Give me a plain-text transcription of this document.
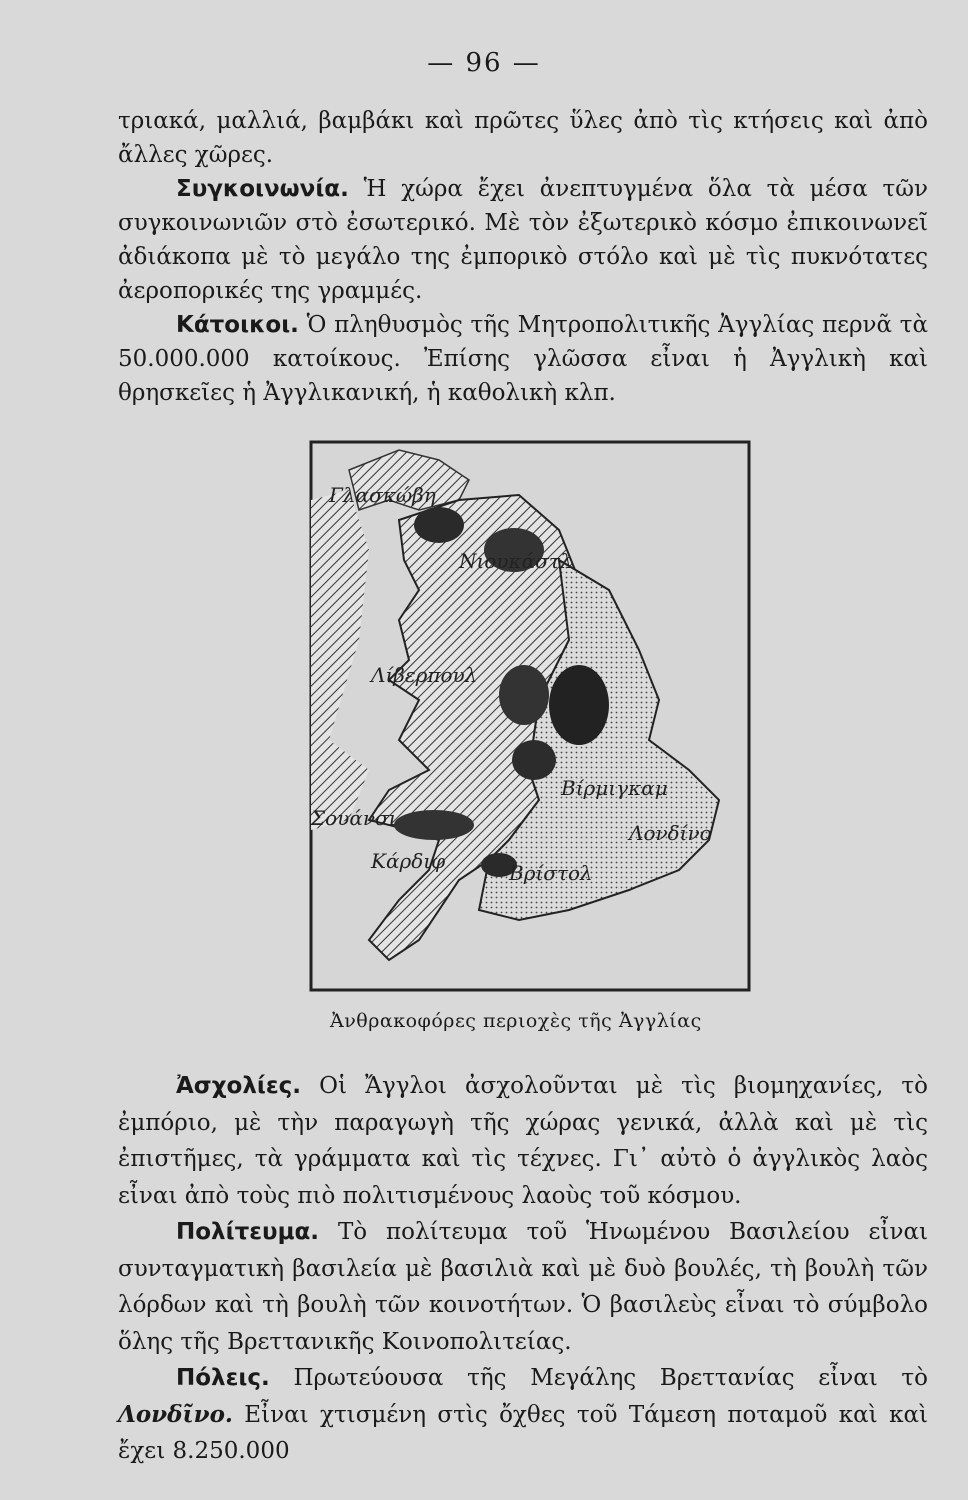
— 96 —

τριακά, μαλλιά, βαμβάκι καὶ πρῶτες ὕλες ἀπὸ τὶς κτήσεις καὶ ἀπὸ ἄλλες χῶρες.

Συγκοινωνία. Ἡ χώρα ἔχει ἀνεπτυγμένα ὅλα τὰ μέσα τῶν συγκοινωνιῶν στὸ ἐσωτερικό. Μὲ τὸν ἐξωτερικὸ κόσμο ἐπικοινωνεῖ ἀδιάκοπα μὲ τὸ μεγάλο της ἐμπορικὸ στόλο καὶ μὲ τὶς πυκνότατες ἀεροπορικές της γραμμές.

Κάτοικοι. Ὁ πληθυσμὸς τῆς Μητροπολιτικῆς Ἀγγλίας περνᾶ τὰ 50.000.000 κατοίκους. Ἐπίσης γλῶσσα εἶναι ἡ Ἀγγλικὴ καὶ θρησκεῖες ἡ Ἀγγλικανική, ἡ καθολικὴ κλπ.

Γλασκώβη
Νιουκάστλ
Λίβερπουλ
Βίρμιγκαμ
Λονδίνο
Σουάνσι
Κάρδιφ	Βρίστολ
Ἀνθρακοφόρες περιοχὲς τῆς Ἀγγλίας

Ἀσχολίες. Οἱ Ἄγγλοι ἀσχολοῦνται μὲ τὶς βιομηχανίες, τὸ ἐμπόριο, μὲ τὴν παραγωγὴ τῆς χώρας γενικά, ἀλλὰ καὶ μὲ τὶς ἐπιστῆμες, τὰ γράμματα καὶ τὶς τέχνες. Γι᾿ αὐτὸ ὁ ἀγγλικὸς λαὸς εἶναι ἀπὸ τοὺς πιὸ πολιτισμένους λαοὺς τοῦ κόσμου.

Πολίτευμα. Τὸ πολίτευμα τοῦ Ἡνωμένου Βασιλείου εἶναι συνταγματικὴ βασιλεία μὲ βασιλιὰ καὶ μὲ δυὸ βουλές, τὴ βουλὴ τῶν λόρδων καὶ τὴ βουλὴ τῶν κοινοτήτων. Ὁ βασιλεὺς εἶναι τὸ σύμβολο ὅλης τῆς Βρεττανικῆς Κοινοπολιτείας.

Πόλεις. Πρωτεύουσα τῆς Μεγάλης Βρεττανίας εἶναι τὸ Λονδῖνο. Εἶναι χτισμένη στὶς ὄχθες τοῦ Τάμεση ποταμοῦ καὶ καὶ ἔχει 8.250.000
